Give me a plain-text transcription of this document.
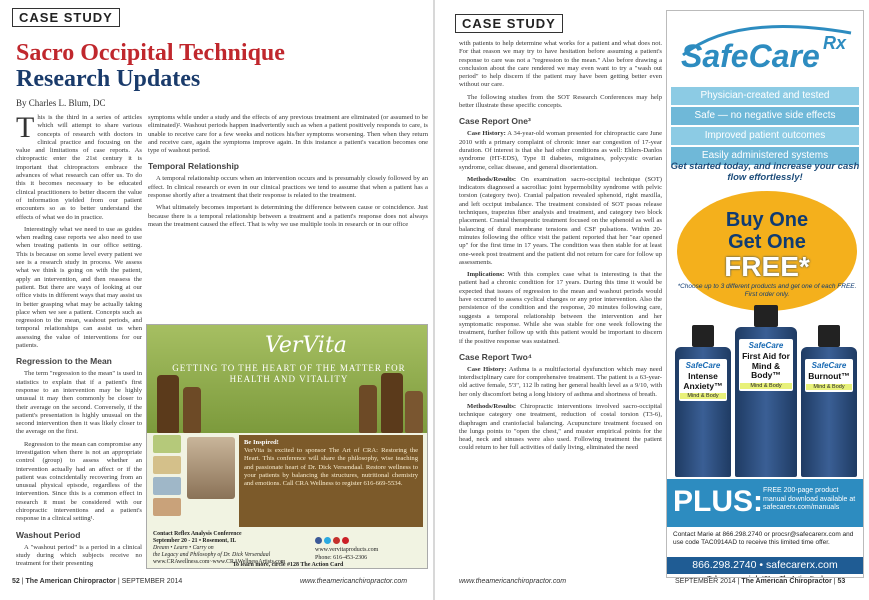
CASE STUDY
Sacro Occipital Technique
Research Updates
By Charles L. Blum, DC

This is the third in a series of articles which will attempt to share various concepts of research with doctors in clinical practice and focusing on the value and limitations of case reports. As chiropractic enter the 21st century it is important that chiropractors embrace the advances of what research can offer us. To do this it becomes necessary to be educated clinical practitioners to better discern the value of information yielded from our patient encounters so as to better understand the effects of what we do in practice.

Interestingly what we need to use as guides when reading case reports we also need to use when treating patients in our office setting. This is because on some level every patient we see is a research study in process. We assess what we think is going on with the patient, apply an intervention, and then reassess the patient. But there are ways of looking at our office visits in different ways that may assist us in better grasping what may be actually taking place when we see a patient. Concepts such as regression to the mean, washout periods, and temporal relationships can assist us when assessing the value of interventions for our patients.

Regression to the Mean

The term "regression to the mean" is used in statistics to explain that if a patient's first response to an intervention may be highly unusual it may then commonly be closer to their average on the second. Conversely, if the patient's presentation is highly unusual on the second intervention then it was likely closer to the average on the first.

Regression to the mean can compromise any investigation when there is not an appropriate control (group) to assess whether an intervention actually had an affect or if the patient was coincidentally recovering from an unusual physical episode, regardless of the intervention. Since this is a common effect in research it must be considered with our chiropractic interventions and a patient's response in a clinical setting¹.

Washout Period

A "washout period" is a period in a clinical study during which subjects receive no treatment for their presenting

symptoms while under a study and the effects of any previous treatment are eliminated (or assumed to be eliminated)². Washout periods happen inadvertently such as when a patient positively responds to care, is unable to receive care for a few weeks and notices his/her symptoms worsening. Then when they return and receive care, again the symptoms improve again. In this instance a patient's vacation becomes one type of washout period.

Temporal Relationship

A temporal relationship occurs when an intervention occurs and is presumably closely followed by an effect. In clinical research or even in our clinical practices we tend to assume that when a patient has a response shortly after a treatment that their response is related to the treatment.

What ultimately becomes important is determining the difference between cause or coincidence. Just because there is a temporal relationship between a treatment and a patient's response does not always mean the treatment caused the effect. That is why we use multiple tools in research or in our office

VerVita
GETTING TO THE HEART OF THE MATTER FOR HEALTH AND VITALITY
Be Inspired!
VerVita is excited to sponsor The Art of CRA: Restoring the Heart. This conference will share the philosophy, wise teaching and passionate heart of Dr. Dick Versendaal. Restore wellness to your patients by balancing the structures, nutritional chemistry and emotions. Call CRA Wellness to register 616-669-5534.
Contact Reflex Analysis Conference
September 20 - 21 • Rosemont, IL
Dream • Learn • Carry on
the Legacy and Philosophy of Dr. Dick Versendaal
www.CRAwellness.com~www.CRAWellnessArtists.com
www.vervitaproducts.com
Phone: 616-453-2306
To learn more, circle #128 The Action Card
52 | The American Chiropractor | SEPTEMBER 2014	www.theamericanchiropractor.com
CASE STUDY

with patients to help determine what works for a patient and what does not. For that reason we may try to have hesitation before assuming a patient's response to care was not a "regression to the mean." Also before drawing a conclusion about the care rendered we may even want to try a "wash out period" to help discern if the patient may have been getting better even without our care.

The following studies from the SOT Research Conferences may help better illustrate these specific concepts.

Case Report One³

Case History: A 34-year-old woman presented for chiropractic care June 2010 with a primary complaint of chronic inner ear congestion of 17-year duration. Of interest is that she had other conditions as well: Ehlers-Danlos syndrome (HT-EDS), Type II diabetes, migraines, polycystic ovarian syndrome, celiac disease, and general disorientation.

Methods/Results: On examination sacro-occipital technique (SOT) indicators diagnosed a sacroiliac joint hypermobility syndrome with pelvic torsion (category two). Cranial palpation revealed sphenoid, right maxilla, and left occiput imbalance. The treatment consisted of SOT psoas release techniques, trapezius fiber analysis and treatment, and category two block placement. Cranial therapeutic treatment focused on the sphenoid as well as balancing of dural membrane tensions and CSF pulsations. Within 20-minutes following the office visit the patient reported that her "ear opened up" for the first time in 17 years. The condition was then stable for at least one-week post treatment and the patient did not return for care for follow up assessments.

Implications: With this complex case what is interesting is that the patient had a chronic condition for 17 years. During this time it would be expected that issues of regression to the mean and washout periods would have occurred to assess cyclical changes or any prior intervention. Also the persistence of the condition and the response, 20 minutes following care, suggests a temporal relationship between the intervention and her symptomatic response. While she was stable for one week following the treatment, further follow up with this patient would be important to discern if the positive response was sustained.

Case Report Two⁴

Case History: Asthma is a multifactorial dysfunction which may need interdisciplinary care for comprehensive treatment. The patient is a 63-year-old active female, 5'3", 112 lb rating her general health level as a 9/10, with her only discomfort being a long history of asthma and shortness of breath.

Methods/Results: Chiropractic interventions involved sacro-occipital technique category one treatment, reduction of costal torsion (T3-6), diaphragm and craniofacial balancing. Acupuncture treatment focused on the lungs points to "open the chest," and muster empirical points for the head, neck and sinuses were also used. Following treatment the patient could return to her full activities of daily living, eliminated the need

www.theamericanchiropractor.com	SEPTEMBER 2014 | The American Chiropractor | 53
SafeCare Rx
Physician-created and tested
Safe — no negative side effects
Improved patient outcomes
Easily administered systems
Get started today, and increase your cash flow effortlessly!
Buy One
Get One
FREE*
*Choose up to 3 different products and get one of each FREE. First order only.
SafeCare
Intense Anxiety™
Mind & Body
SafeCare
First Aid for Mind & Body™
Mind & Body
SafeCare
Burnout™
Mind & Body
PLUS: FREE 200-page product manual download available at safecarerx.com/manuals
Contact Marie at 866.298.2740 or procsr@safecarerx.com and use code TAC0914AD to receive this limited time offer.
866.298.2740 • safecarerx.com
